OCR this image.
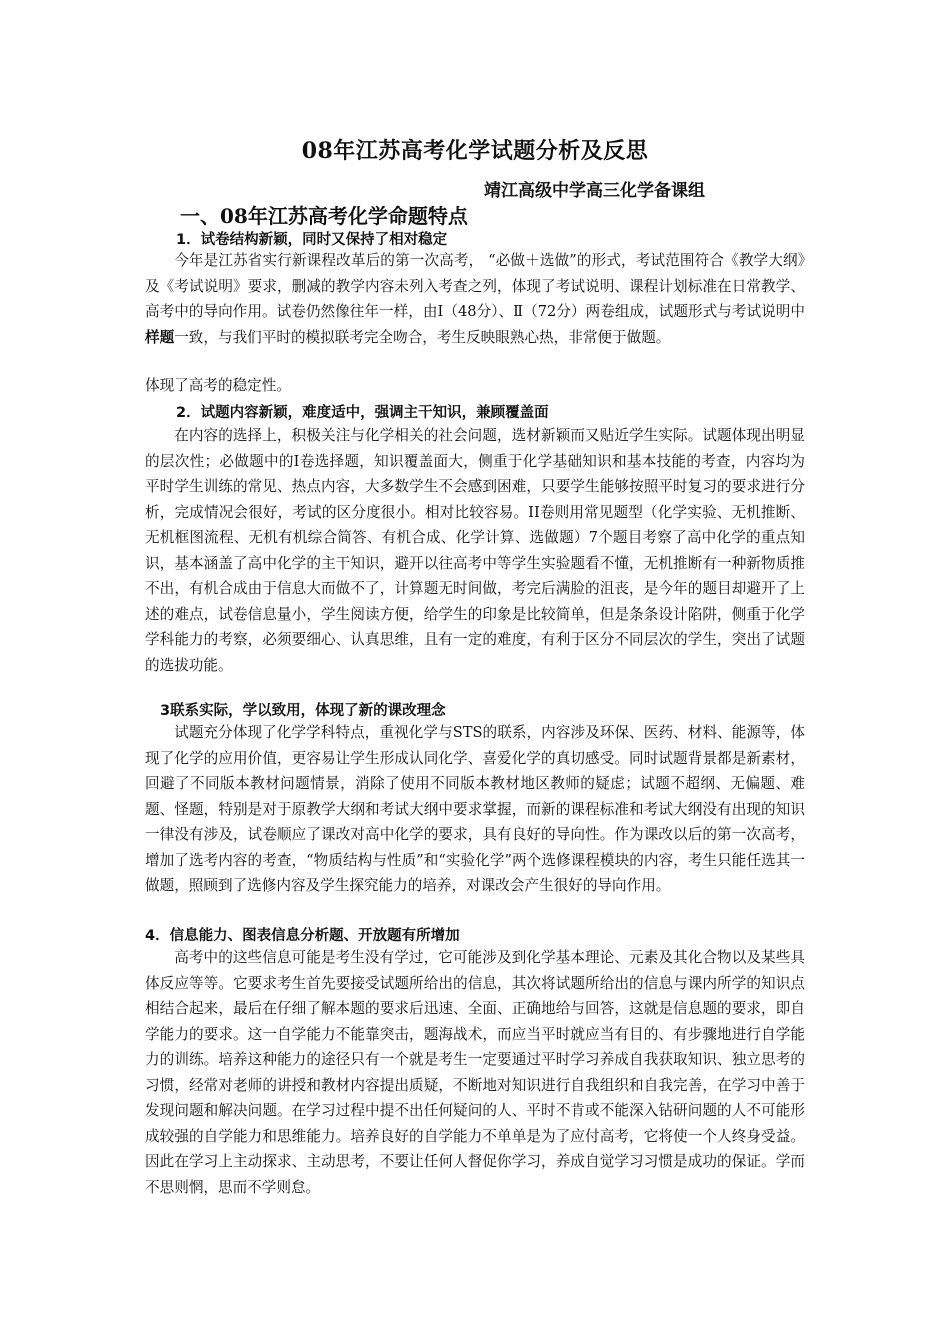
08年江苏高考化学试题分析及反思
靖江高级中学高三化学备课组
一、08年江苏高考化学命题特点
1．试卷结构新颖，同时又保持了相对稳定

今年是江苏省实行新课程改革后的第一次高考， “必做＋选做”的形式，考试范围符合《教学大纲》及《考试说明》要求，删减的教学内容未列入考查之列，体现了考试说明、课程计划标准在日常教学、高考中的导向作用。试卷仍然像往年一样，由Ⅰ（48分）、Ⅱ（72分）两卷组成，试题形式与考试说明中样题一致，与我们平时的模拟联考完全吻合，考生反映眼熟心热，非常便于做题。

体现了高考的稳定性。
2．试题内容新颖，难度适中，强调主干知识，兼顾覆盖面

在内容的选择上，积极关注与化学相关的社会问题，选材新颖而又贴近学生实际。试题体现出明显的层次性；必做题中的Ⅰ卷选择题，知识覆盖面大，侧重于化学基础知识和基本技能的考查，内容均为平时学生训练的常见、热点内容，大多数学生不会感到困难，只要学生能够按照平时复习的要求进行分析，完成情况会很好，考试的区分度很小。相对比较容易。II卷则用常见题型（化学实验、无机推断、无机框图流程、无机有机综合简答、有机合成、化学计算、选做题）7个题目考察了高中化学的重点知识，基本涵盖了高中化学的主干知识，避开以往高考中等学生实验题看不懂，无机推断有一种新物质推不出，有机合成由于信息大而做不了，计算题无时间做，考完后满脸的沮丧，是今年的题目却避开了上述的难点，试卷信息量小，学生阅读方便，给学生的印象是比较简单，但是条条设计陷阱，侧重于化学学科能力的考察，必须要细心、认真思维，且有一定的难度，有利于区分不同层次的学生，突出了试题的选拔功能。

3联系实际，学以致用，体现了新的课改理念

试题充分体现了化学学科特点，重视化学与STS的联系，内容涉及环保、医药、材料、能源等，体现了化学的应用价值，更容易让学生形成认同化学、喜爱化学的真切感受。同时试题背景都是新素材，回避了不同版本教材问题情景，消除了使用不同版本教材地区教师的疑虑；试题不超纲、无偏题、难题、怪题，特别是对于原教学大纲和考试大纲中要求掌握，而新的课程标准和考试大纲没有出现的知识一律没有涉及，试卷顺应了课改对高中化学的要求，具有良好的导向性。作为课改以后的第一次高考，增加了选考内容的考查，“物质结构与性质”和“实验化学”两个选修课程模块的内容，考生只能任选其一做题，照顾到了选修内容及学生探究能力的培养，对课改会产生很好的导向作用。

4．信息能力、图表信息分析题、开放题有所增加

高考中的这些信息可能是考生没有学过，它可能涉及到化学基本理论、元素及其化合物以及某些具体反应等等。它要求考生首先要接受试题所给出的信息，其次将试题所给出的信息与课内所学的知识点相结合起来，最后在仔细了解本题的要求后迅速、全面、正确地给与回答，这就是信息题的要求，即自学能力的要求。这一自学能力不能靠突击，题海战术，而应当平时就应当有目的、有步骤地进行自学能力的训练。培养这种能力的途径只有一个就是考生一定要通过平时学习养成自我获取知识、独立思考的习惯，经常对老师的讲授和教材内容提出质疑，不断地对知识进行自我组织和自我完善，在学习中善于发现问题和解决问题。在学习过程中提不出任何疑问的人、平时不肯或不能深入钻研问题的人不可能形成较强的自学能力和思维能力。培养良好的自学能力不单单是为了应付高考，它将使一个人终身受益。因此在学习上主动探求、主动思考，不要让任何人督促你学习，养成自觉学习习惯是成功的保证。学而不思则惘，思而不学则怠。
